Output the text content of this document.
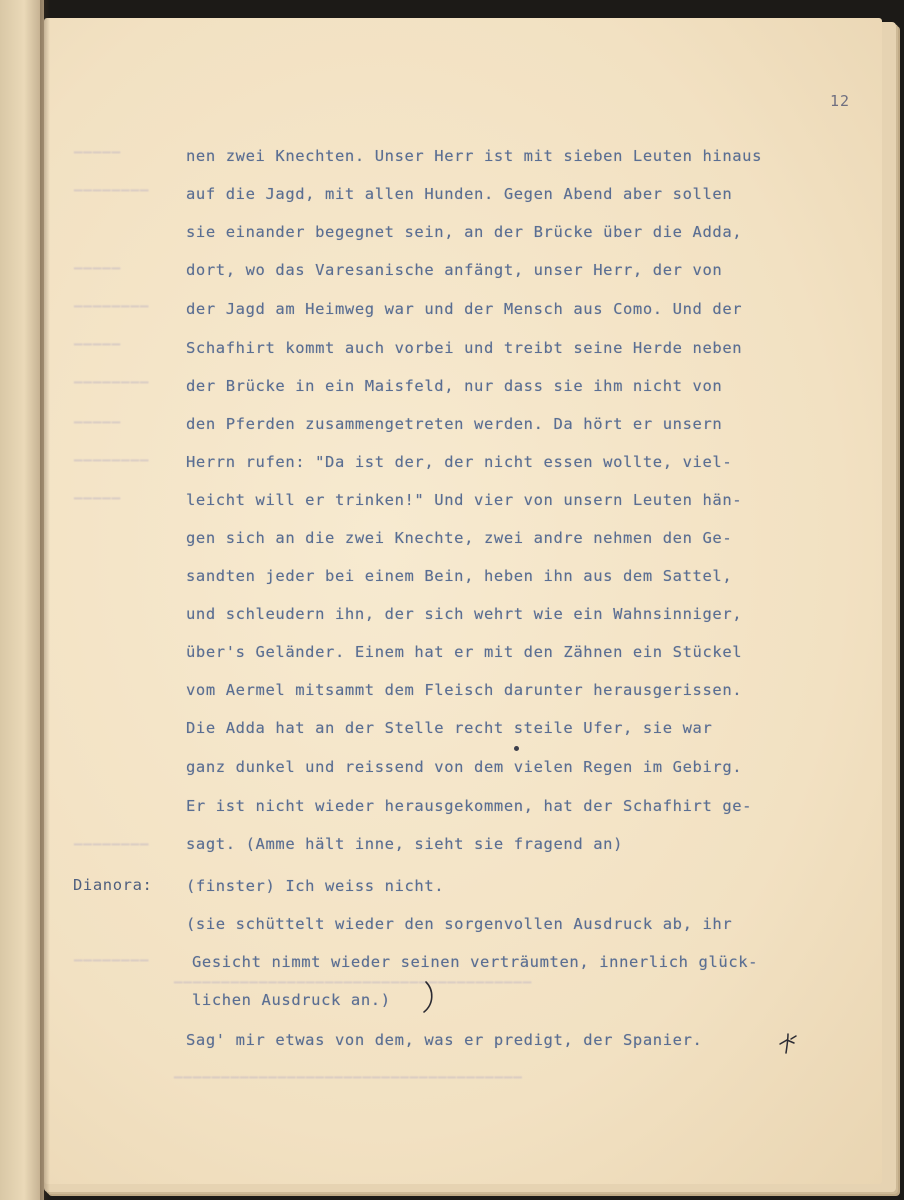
▁▁▁▁▁
▁▁▁▁▁▁▁▁
▁▁▁▁▁
▁▁▁▁▁▁▁▁
▁▁▁▁▁
▁▁▁▁▁▁▁▁
▁▁▁▁▁
▁▁▁▁▁▁▁▁
▁▁▁▁▁
▁▁▁▁▁▁▁▁
▁▁▁▁▁▁▁▁
▁▁▁▁▁▁▁▁▁▁▁▁▁▁▁▁▁▁▁▁▁▁▁▁▁▁▁▁▁▁▁▁▁▁▁▁▁▁
▁▁▁▁▁▁▁▁▁▁▁▁▁▁▁▁▁▁▁▁▁▁▁▁▁▁▁▁▁▁▁▁▁▁▁▁▁
12
nen zwei Knechten. Unser Herr ist mit sieben Leuten hinaus
auf die Jagd, mit allen Hunden. Gegen Abend aber sollen
sie einander begegnet sein, an der Brücke über die Adda,
dort, wo das Varesanische anfängt, unser Herr, der von
der Jagd am Heimweg war und der Mensch aus Como. Und der
Schafhirt kommt auch vorbei und treibt seine Herde neben
der Brücke in ein Maisfeld, nur dass sie ihm nicht von
den Pferden zusammengetreten werden. Da hört er unsern
Herrn rufen: "Da ist der, der nicht essen wollte, viel-
leicht will er trinken!" Und vier von unsern Leuten hän-
gen sich an die zwei Knechte, zwei andre nehmen den Ge-
sandten jeder bei einem Bein, heben ihn aus dem Sattel,
und schleudern ihn, der sich wehrt wie ein Wahnsinniger,
über's Geländer. Einem hat er mit den Zähnen ein Stückel
vom Aermel mitsammt dem Fleisch darunter herausgerissen.
Die Adda hat an der Stelle recht steile Ufer, sie war
ganz dunkel und reissend von dem vielen Regen im Gebirg.
Er ist nicht wieder herausgekommen, hat der Schafhirt ge-
sagt. (Amme hält inne, sieht sie fragend an)
(finster) Ich weiss nicht.
(sie schüttelt wieder den sorgenvollen Ausdruck ab, ihr
Gesicht nimmt wieder seinen verträumten, innerlich glück-
lichen Ausdruck an.)
Sag' mir etwas von dem, was er predigt, der Spanier.
Dianora:
